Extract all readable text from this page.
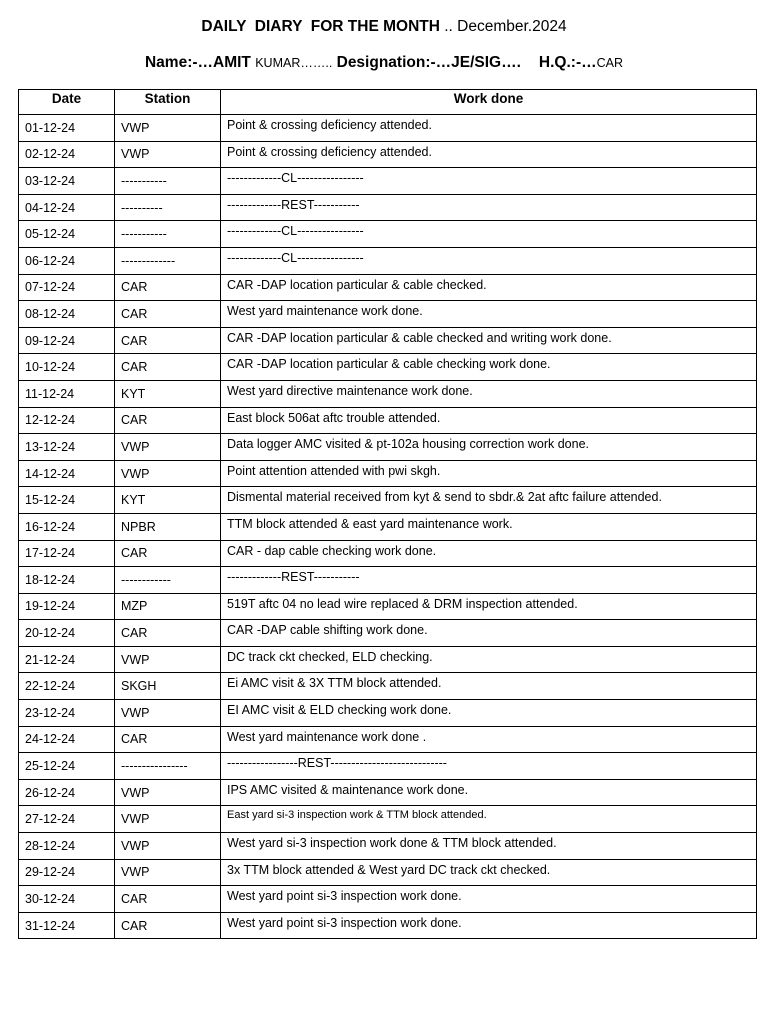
DAILY  DIARY  FOR THE MONTH .. December.2024
Name:-…AMIT KUMAR…….. Designation:-…JE/SIG…. H.Q.:-…CAR
Date	Station	Work done
01-12-24	VWP	Point & crossing deficiency attended.
02-12-24	VWP	Point & crossing deficiency attended.
03-12-24	-----------	-------------CL----------------
04-12-24	----------	-------------REST-----------
05-12-24	-----------	-------------CL----------------
06-12-24	-------------	-------------CL----------------
07-12-24	CAR	CAR -DAP location particular & cable checked.
08-12-24	CAR	West yard maintenance work done.
09-12-24	CAR	CAR -DAP location particular & cable checked and writing work done.
10-12-24	CAR	CAR -DAP location particular & cable checking work done.
11-12-24	KYT	West yard directive maintenance work done.
12-12-24	CAR	East block 506at aftc trouble attended.
13-12-24	VWP	Data logger AMC visited & pt-102a housing correction work done.
14-12-24	VWP	Point attention attended with pwi skgh.
15-12-24	KYT	Dismental material received from kyt & send to sbdr.& 2at aftc failure attended.
16-12-24	NPBR	TTM block attended & east yard maintenance work.
17-12-24	CAR	CAR - dap cable checking work done.
18-12-24	------------	-------------REST-----------
19-12-24	MZP	519T aftc 04 no lead wire replaced & DRM inspection attended.
20-12-24	CAR	CAR -DAP cable shifting work done.
21-12-24	VWP	DC track ckt checked, ELD checking.
22-12-24	SKGH	Ei AMC visit & 3X TTM block attended.
23-12-24	VWP	EI AMC visit & ELD checking work done.
24-12-24	CAR	West yard maintenance work done .
25-12-24	----------------	-----------------REST----------------------------
26-12-24	VWP	IPS AMC visited & maintenance work done.
27-12-24	VWP	East yard si-3 inspection work & TTM block attended.
28-12-24	VWP	West yard si-3 inspection work done & TTM block attended.
29-12-24	VWP	3x TTM block attended & West yard DC track ckt checked.
30-12-24	CAR	West yard point si-3 inspection work done.
31-12-24	CAR	West yard point si-3 inspection work done.
